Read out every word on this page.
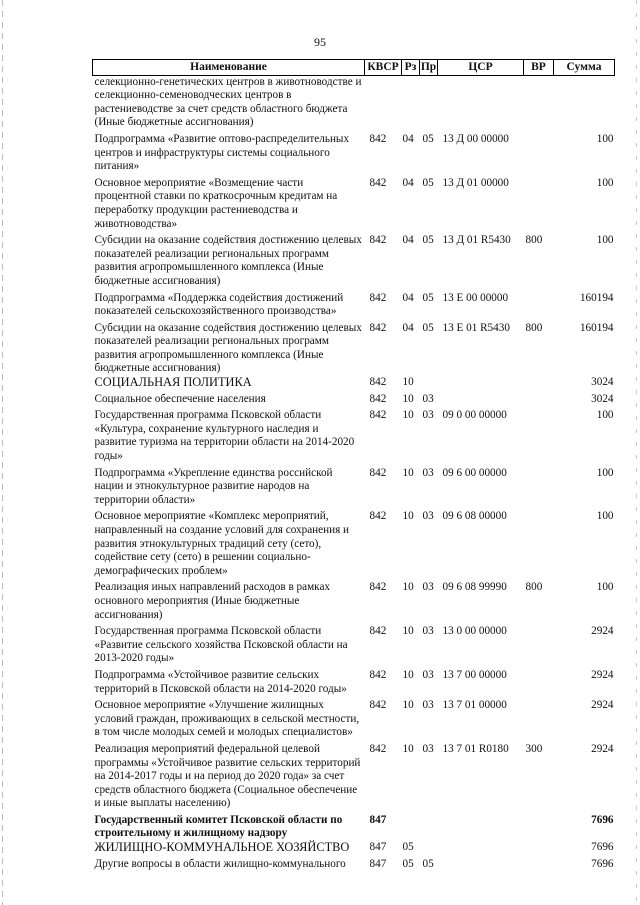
95
Наименование	КВСР	Рз	Пр	ЦСР	ВР	Сумма
селекционно-генетических центров в животноводстве и селекционно-семеноводческих центров в растениеводстве за счет средств областного бюджета (Иные бюджетные ассигнования)						
Подпрограмма «Развитие оптово-распределительных центров и инфраструктуры системы социального питания»	842	04	05	13 Д 00 00000		100
Основное мероприятие «Возмещение части процентной ставки по краткосрочным кредитам на переработку продукции растениеводства и животноводства»	842	04	05	13 Д 01 00000		100
Субсидии на оказание содействия достижению целевых показателей реализации региональных программ развития агропромышленного комплекса (Иные бюджетные ассигнования)	842	04	05	13 Д 01 R5430	800	100
Подпрограмма «Поддержка содействия достижений показателей сельскохозяйственного производства»	842	04	05	13 Е 00 00000		160194
Субсидии на оказание содействия достижению целевых показателей реализации региональных программ развития агропромышленного комплекса (Иные бюджетные ассигнования)	842	04	05	13 Е 01 R5430	800	160194
СОЦИАЛЬНАЯ ПОЛИТИКА	842	10				3024
Социальное обеспечение населения	842	10	03			3024
Государственная программа Псковской области «Культура, сохранение культурного наследия и развитие туризма на территории области на 2014-2020 годы»	842	10	03	09 0 00 00000		100
Подпрограмма «Укрепление единства российской нации и этнокультурное развитие народов на территории области»	842	10	03	09 6 00 00000		100
Основное мероприятие «Комплекс мероприятий, направленный на создание условий для сохранения и развития этнокультурных традиций сету (сето), содействие сету (сето) в решении социально-демографических проблем»	842	10	03	09 6 08 00000		100
Реализация иных направлений расходов в рамках основного мероприятия (Иные бюджетные ассигнования)	842	10	03	09 6 08 99990	800	100
Государственная программа Псковской области «Развитие сельского хозяйства Псковской области на 2013-2020 годы»	842	10	03	13 0 00 00000		2924
Подпрограмма «Устойчивое развитие сельских территорий в Псковской области на 2014-2020 годы»	842	10	03	13 7 00 00000		2924
Основное мероприятие «Улучшение жилищных условий граждан, проживающих в сельской местности, в том числе молодых семей и молодых специалистов»	842	10	03	13 7 01 00000		2924
Реализация мероприятий федеральной целевой программы «Устойчивое развитие сельских территорий на 2014-2017 годы и на период до 2020 года» за счет средств областного бюджета (Социальное обеспечение и иные выплаты населению)	842	10	03	13 7 01 R0180	300	2924
Государственный комитет Псковской области по строительному и жилищному надзору	847					7696
ЖИЛИЩНО-КОММУНАЛЬНОЕ ХОЗЯЙСТВО	847	05				7696
Другие вопросы в области жилищно-коммунального	847	05	05			7696
